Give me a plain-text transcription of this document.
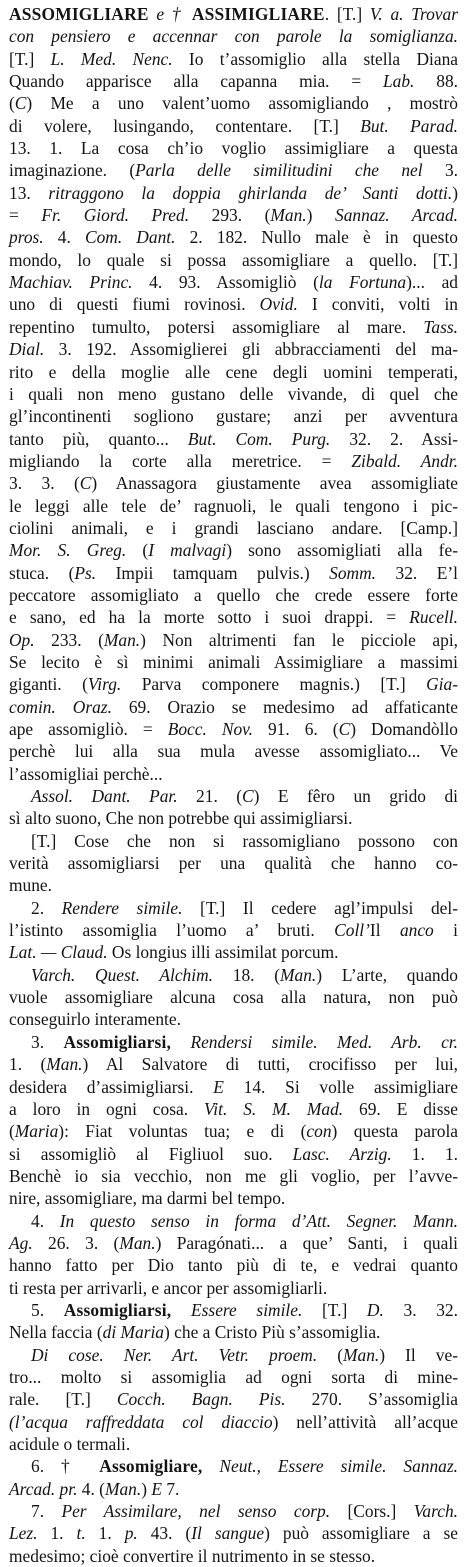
ASSOMIGLIARE e † ASSIMIGLIARE. [T.] V. a. Trovar
con pensiero e accennar con parole la somiglianza.
[T.] L. Med. Nenc. Io t’assomiglio alla stella Diana
Quando apparisce alla capanna mia. = Lab. 88.
(C) Me a uno valent’uomo assomigliando , mostrò
di volere, lusingando, contentare. [T.] But. Parad.
13. 1. La cosa ch’io voglio assimigliare a questa
imaginazione. (Parla delle similitudini che nel 3.
13. ritraggono la doppia ghirlanda de’ Santi dotti.)
= Fr. Giord. Pred. 293. (Man.) Sannaz. Arcad.
pros. 4. Com. Dant. 2. 182. Nullo male è in questo
mondo, lo quale si possa assomigliare a quello. [T.]
Machiav. Princ. 4. 93. Assomigliò (la Fortuna)... ad
uno di questi fiumi rovinosi. Ovid. I conviti, volti in
repentino tumulto, potersi assomigliare al mare. Tass.
Dial. 3. 192. Assomiglierei gli abbracciamenti del ma-
rito e della moglie alle cene degli uomini temperati,
i quali non meno gustano delle vivande, di quel che
gl’incontinenti sogliono gustare; anzi per avventura
tanto più, quanto... But. Com. Purg. 32. 2. Assi-
migliando la corte alla meretrice. = Zibald. Andr.
3. 3. (C) Anassagora giustamente avea assomigliate
le leggi alle tele de’ ragnuoli, le quali tengono i pic-
ciolini animali, e i grandi lasciano andare. [Camp.]
Mor. S. Greg. (I malvagi) sono assomigliati alla fe-
stuca. (Ps. Impii tamquam pulvis.) Somm. 32. E’l
peccatore assomigliato a quello che crede essere forte
e sano, ed ha la morte sotto i suoi drappi. = Rucell.
Op. 233. (Man.) Non altrimenti fan le picciole api,
Se lecito è sì minimi animali Assimigliare a massimi
giganti. (Virg. Parva componere magnis.) [T.] Gia-
comin. Oraz. 69. Orazio se medesimo ad affaticante
ape assomigliò. = Bocc. Nov. 91. 6. (C) Domandòllo
perchè lui alla sua mula avesse assomigliato... Ve
l’assomigliai perchè...
Assol. Dant. Par. 21. (C) E fêro un grido di
sì alto suono, Che non potrebbe qui assimigliarsi.
[T.] Cose che non si rassomigliano possono con
verità assomigliarsi per una qualità che hanno co-
mune.
2. Rendere simile. [T.] Il cedere agl’impulsi del-
l’istinto assomiglia l’uomo a’ bruti. Coll’Il anco i
Lat. — Claud. Os longius illi assimilat porcum.
Varch. Quest. Alchim. 18. (Man.) L’arte, quando
vuole assomigliare alcuna cosa alla natura, non può
conseguirlo interamente.
3. Assomigliarsi, Rendersi simile. Med. Arb. cr.
1. (Man.) Al Salvatore di tutti, crocifisso per lui,
desidera d’assimigliarsi. E 14. Si volle assimigliare
a loro in ogni cosa. Vit. S. M. Mad. 69. E disse
(Maria): Fiat voluntas tua; e di (con) questa parola
si assomigliò al Figliuol suo. Lasc. Arzig. 1. 1.
Benchè io sia vecchio, non me gli voglio, per l’avve-
nire, assomigliare, ma darmi bel tempo.
4. In questo senso in forma d’Att. Segner. Mann.
Ag. 26. 3. (Man.) Paragónati... a que’ Santi, i quali
hanno fatto per Dio tanto più di te, e vedrai quanto
ti resta per arrivarli, e ancor per assomigliarli.
5. Assomigliarsi, Essere simile. [T.] D. 3. 32.
Nella faccia (di Maria) che a Cristo Più s’assomiglia.
Di cose. Ner. Art. Vetr. proem. (Man.) Il ve-
tro... molto si assomiglia ad ogni sorta di mine-
rale. [T.] Cocch. Bagn. Pis. 270. S’assomiglia
(l’acqua raffreddata col diaccio) nell’attività all’acque
acidule o termali.
6. † Assomigliare, Neut., Essere simile. Sannaz.
Arcad. pr. 4. (Man.) E 7.
7. Per Assimilare, nel senso corp. [Cors.] Varch.
Lez. 1. t. 1. p. 43. (Il sangue) può assomigliare a se
medesimo; cioè convertire il nutrimento in se stesso.
